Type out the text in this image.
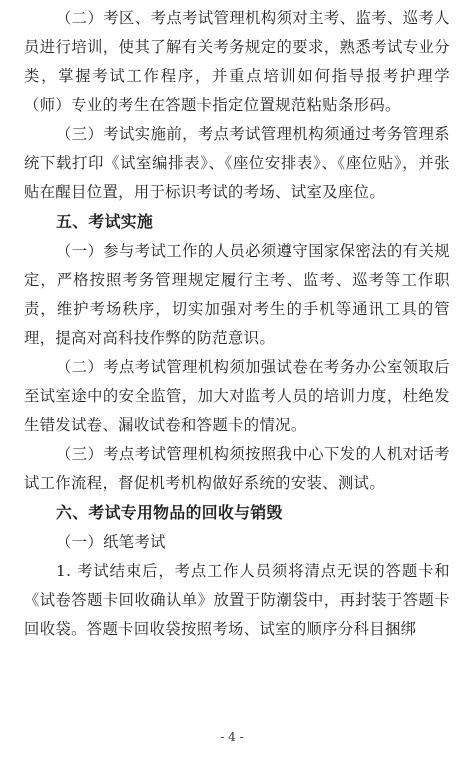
（二）考区、考点考试管理机构须对主考、监考、巡考人员进行培训，使其了解有关考务规定的要求，熟悉考试专业分类，掌握考试工作程序，并重点培训如何指导报考护理学（师）专业的考生在答题卡指定位置规范粘贴条形码。

（三）考试实施前，考点考试管理机构须通过考务管理系统下载打印《试室编排表》、《座位安排表》、《座位贴》，并张贴在醒目位置，用于标识考试的考场、试室及座位。

五、考试实施

（一）参与考试工作的人员必须遵守国家保密法的有关规定，严格按照考务管理规定履行主考、监考、巡考等工作职责，维护考场秩序，切实加强对考生的手机等通讯工具的管理，提高对高科技作弊的防范意识。

（二）考点考试管理机构须加强试卷在考务办公室领取后至试室途中的安全监管，加大对监考人员的培训力度，杜绝发生错发试卷、漏收试卷和答题卡的情况。

（三）考点考试管理机构须按照我中心下发的人机对话考试工作流程，督促机考机构做好系统的安装、测试。

六、考试专用物品的回收与销毁

（一）纸笔考试

1. 考试结束后，考点工作人员须将清点无误的答题卡和《试卷答题卡回收确认单》放置于防潮袋中，再封装于答题卡回收袋。答题卡回收袋按照考场、试室的顺序分科目捆绑

- 4 -
